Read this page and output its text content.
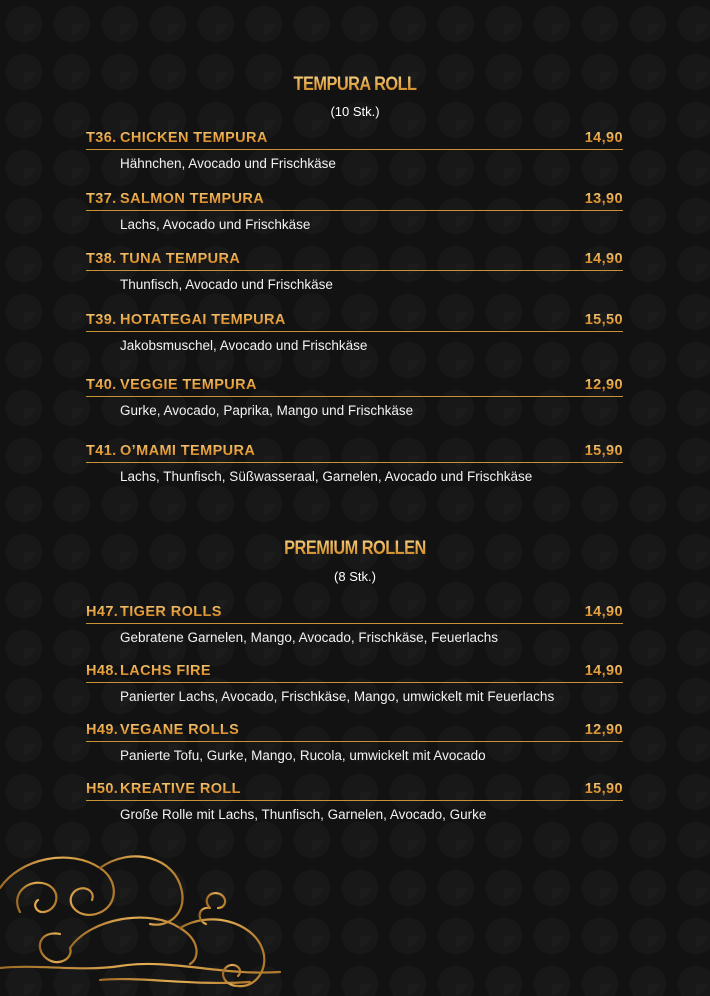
TEMPURA ROLL
(10 Stk.)
T36. CHICKEN TEMPURA $^D$	14,90
Hähnchen, Avocado und Frischkäse
T37. SALMON TEMPURA $^D$	13,90
Lachs, Avocado und Frischkäse
T38. TUNA TEMPURA $^D$	14,90
Thunfisch, Avocado und Frischkäse
T39. HOTATEGAI TEMPURA $^D$	15,50
Jakobsmuschel, Avocado und Frischkäse
T40. VEGGIE TEMPURA $^D$	12,90
Gurke, Avocado, Paprika, Mango und Frischkäse
T41. O’MAMI TEMPURA $^D$	15,90
Lachs, Thunfisch, Süßwasseraal, Garnelen, Avocado und Frischkäse
PREMIUM ROLLEN
(8 Stk.)
H47. TIGER ROLLS $^D$	14,90
Gebratene Garnelen, Mango, Avocado, Frischkäse, Feuerlachs
H48. LACHS FIRE $^D$	14,90
Panierter Lachs, Avocado, Frischkäse, Mango, umwickelt mit Feuerlachs
H49. VEGANE ROLLS	12,90
Panierte Tofu, Gurke, Mango, Rucola, umwickelt mit Avocado
H50. KREATIVE ROLL	15,90
Große Rolle mit Lachs, Thunfisch, Garnelen, Avocado, Gurke
